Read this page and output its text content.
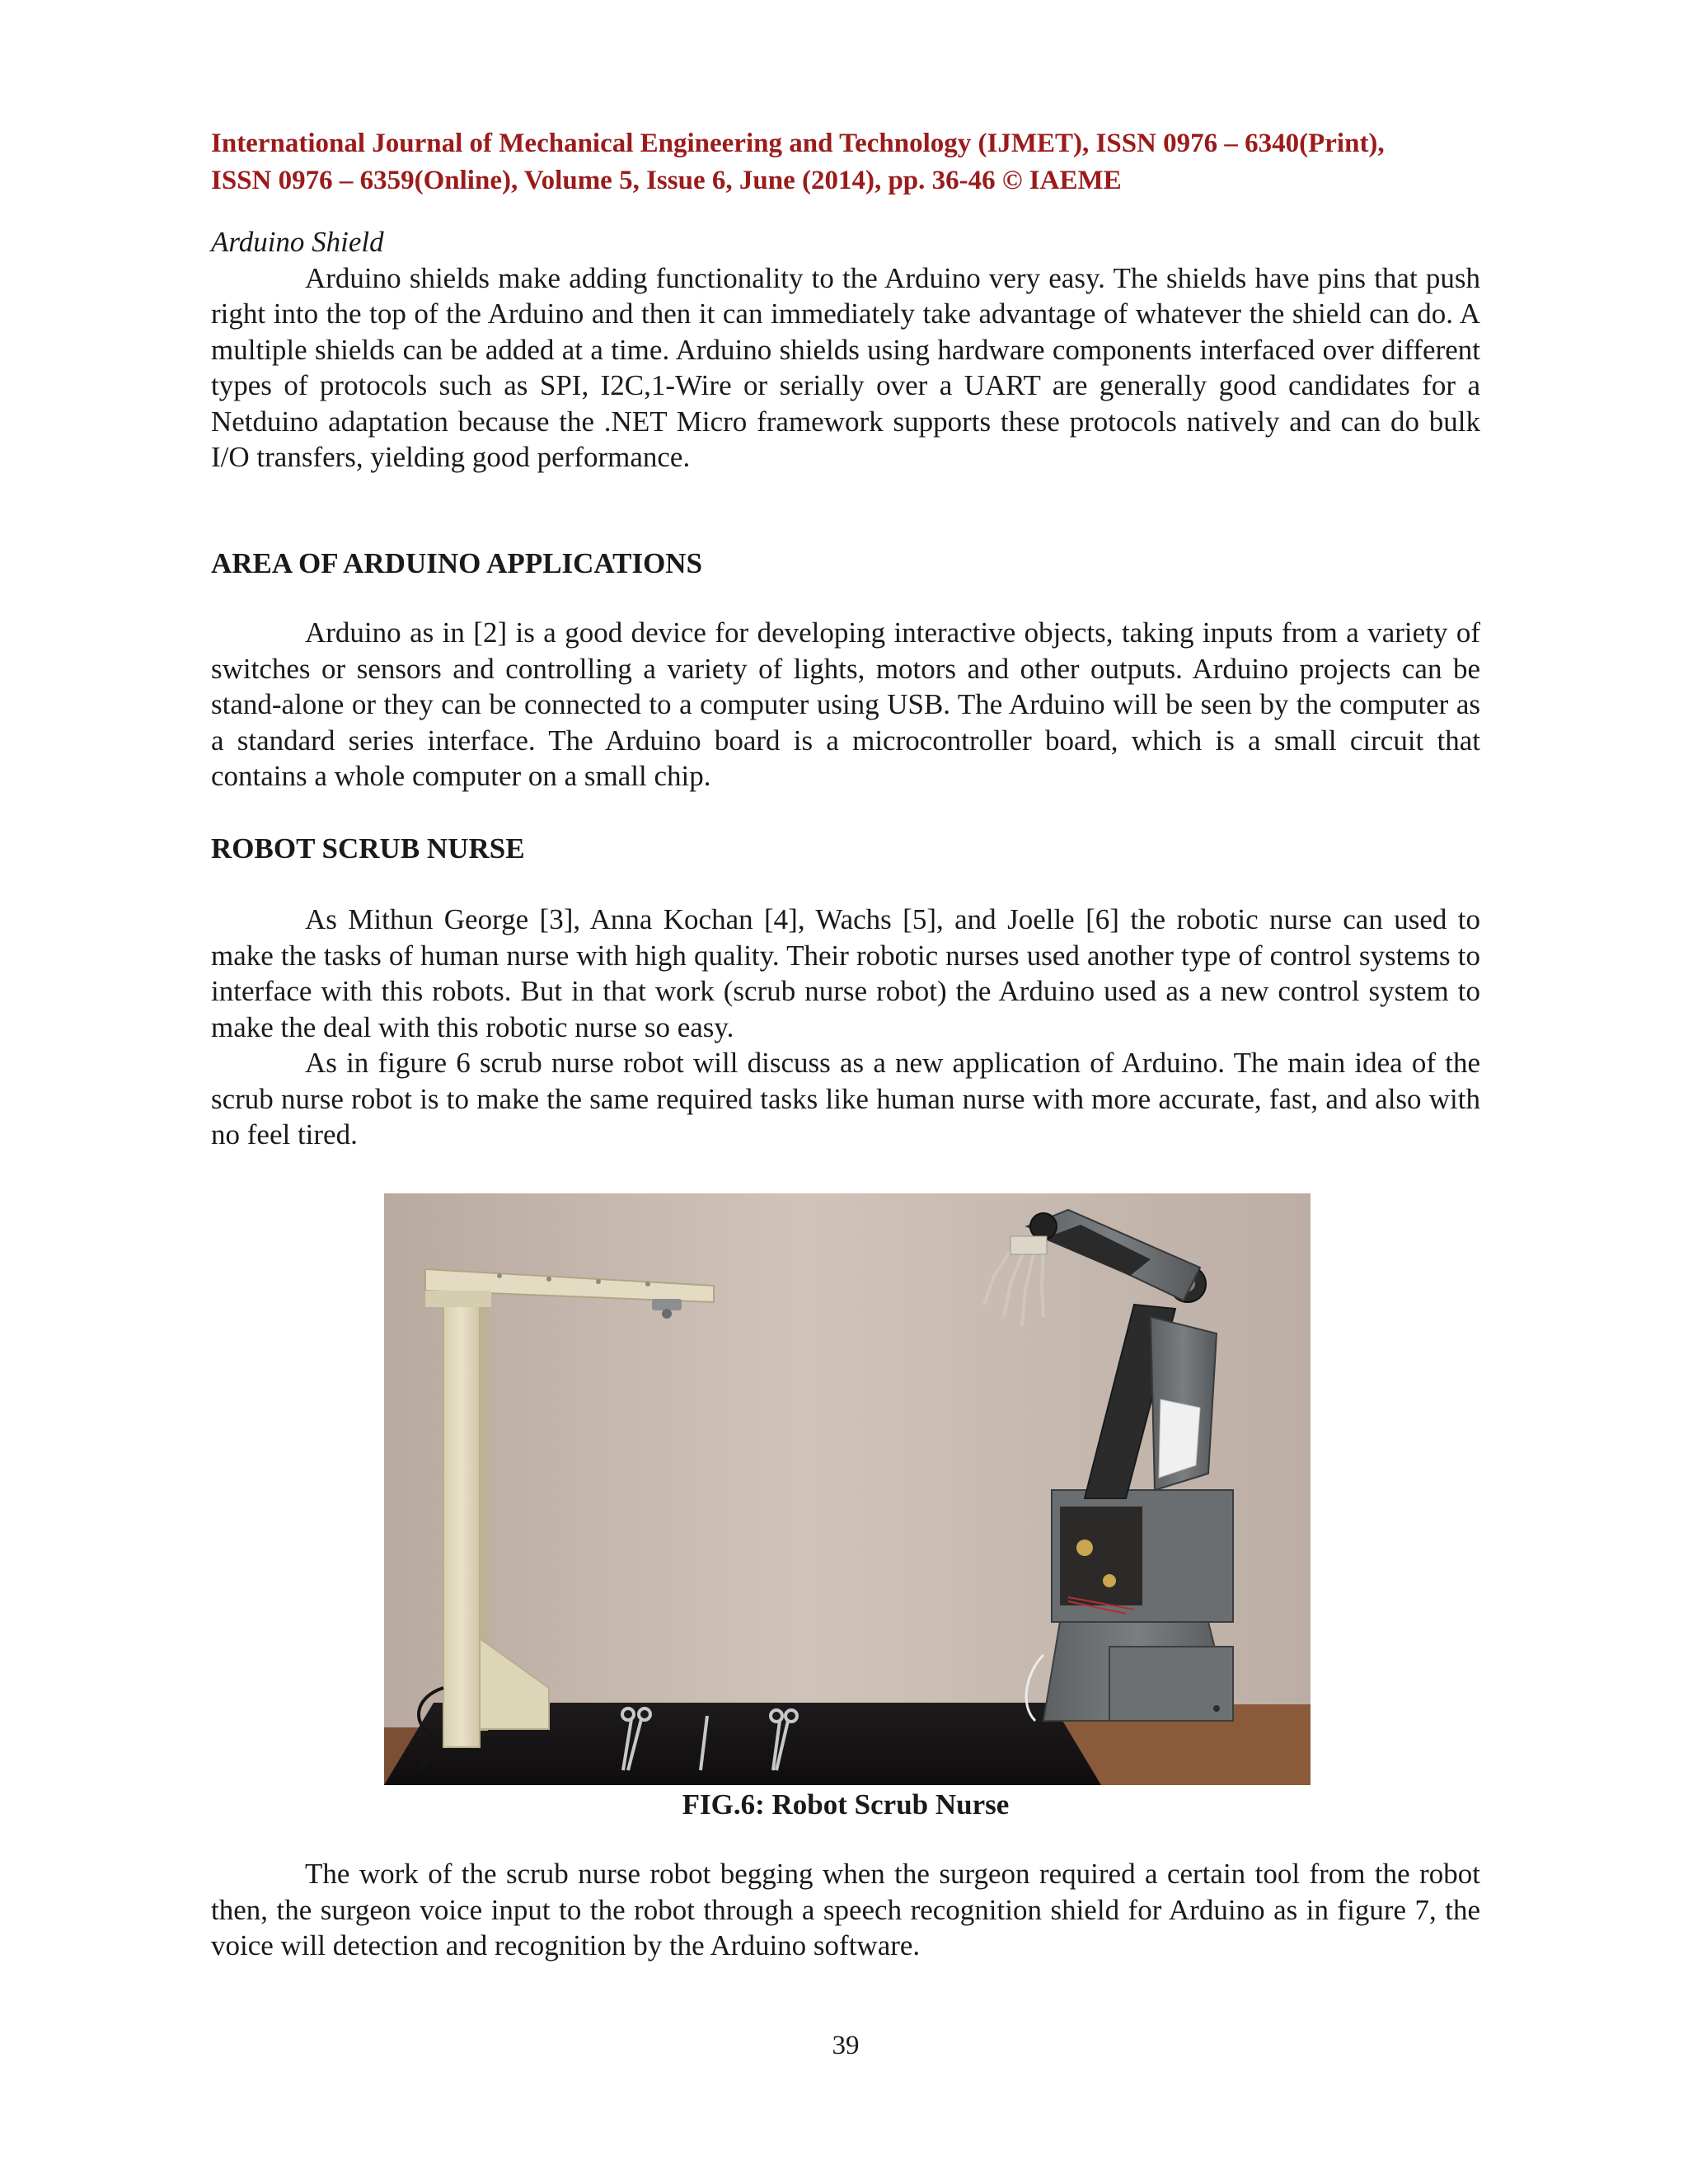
International Journal of Mechanical Engineering and Technology (IJMET), ISSN 0976 – 6340(Print),
ISSN 0976 – 6359(Online), Volume 5, Issue 6, June (2014), pp. 36-46 © IAEME

Arduino Shield

Arduino shields make adding functionality to the Arduino very easy. The shields have pins that push right into the top of the Arduino and then it can immediately take advantage of whatever the shield can do. A multiple shields can be added at a time. Arduino shields using hardware components interfaced over different types of protocols such as SPI, I2C,1-Wire or serially over a UART are generally good candidates for a Netduino adaptation because the .NET Micro framework supports these protocols natively and can do bulk I/O transfers, yielding good performance.

AREA OF ARDUINO APPLICATIONS

Arduino as in [2] is a good device for developing interactive objects, taking inputs from a variety of switches or sensors and controlling a variety of lights, motors and other outputs. Arduino projects can be stand-alone or they can be connected to a computer using USB. The Arduino will be seen by the computer as a standard series interface. The Arduino board is a microcontroller board, which is a small circuit that contains a whole computer on a small chip.

ROBOT SCRUB NURSE

As Mithun George [3], Anna Kochan [4], Wachs [5], and Joelle [6] the robotic nurse can used to make the tasks of human nurse with high quality. Their robotic nurses used another type of control systems to interface with this robots. But in that work (scrub nurse robot) the Arduino used as a new control system to make the deal with this robotic nurse so easy.

As in figure 6 scrub nurse robot will discuss as a new application of Arduino. The main idea of the scrub nurse robot is to make the same required tasks like human nurse with more accurate, fast, and also with no feel tired.

FIG.6: Robot Scrub Nurse

The work of the scrub nurse robot begging when the surgeon required a certain tool from the robot then, the surgeon voice input to the robot through a speech recognition shield for Arduino as in figure 7, the voice will detection and recognition by the Arduino software.

39
